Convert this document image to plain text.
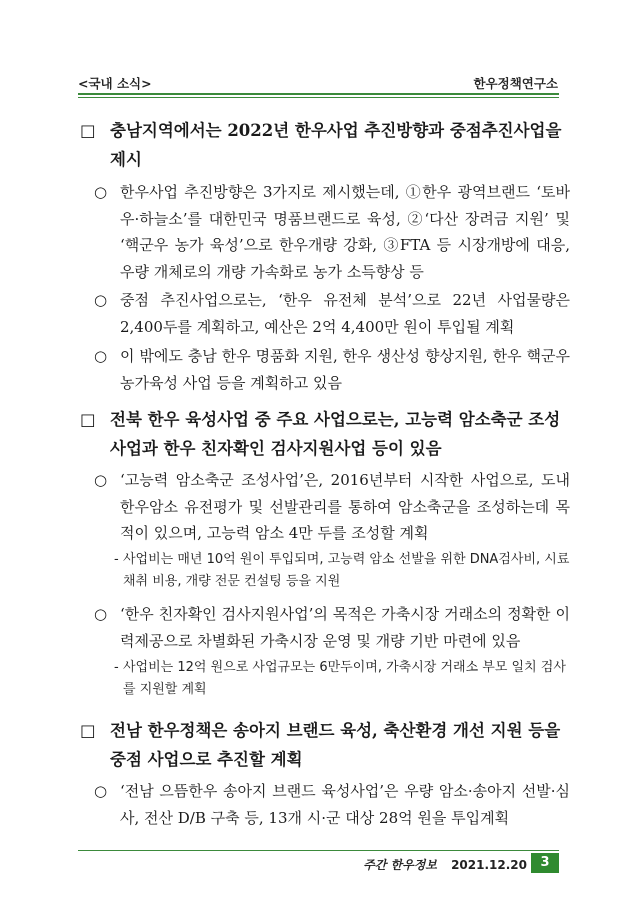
<국내 소식>	한우정책연구소
□ 충남지역에서는 2022년 한우사업 추진방향과 중점추진사업을 제시
○ 한우사업 추진방향은 3가지로 제시했는데, ①한우 광역브랜드 ‘토바우·하늘소’를 대한민국 명품브랜드로 육성, ②‘다산 장려금 지원’ 및 ‘핵군우 농가 육성’으로 한우개량 강화, ③FTA 등 시장개방에 대응, 우량 개체로의 개량 가속화로 농가 소득향상 등
○ 중점 추진사업으로는, ‘한우 유전체 분석’으로 22년 사업물량은 2,400두를 계획하고, 예산은 2억 4,400만 원이 투입될 계획
○ 이 밖에도 충남 한우 명품화 지원, 한우 생산성 향상지원, 한우 핵군우 농가육성 사업 등을 계획하고 있음
□ 전북 한우 육성사업 중 주요 사업으로는, 고능력 암소축군 조성사업과 한우 친자확인 검사지원사업 등이 있음
○ ‘고능력 암소축군 조성사업’은, 2016년부터 시작한 사업으로, 도내 한우암소 유전평가 및 선발관리를 통하여 암소축군을 조성하는데 목적이 있으며, 고능력 암소 4만 두를 조성할 계획
- 사업비는 매년 10억 원이 투입되며, 고능력 암소 선발을 위한 DNA검사비, 시료채취 비용, 개량 전문 컨설팅 등을 지원
○ ‘한우 친자확인 검사지원사업’의 목적은 가축시장 거래소의 정확한 이력제공으로 차별화된 가축시장 운영 및 개량 기반 마련에 있음
- 사업비는 12억 원으로 사업규모는 6만두이며, 가축시장 거래소 부모 일치 검사를 지원할 계획
□ 전남 한우정책은 송아지 브랜드 육성, 축산환경 개선 지원 등을 중점 사업으로 추진할 계획
○ ‘전남 으뜸한우 송아지 브랜드 육성사업’은 우량 암소·송아지 선발·심사, 전산 D/B 구축 등, 13개 시·군 대상 28억 원을 투입계획
주간 한우정보 2021.12.20	3
